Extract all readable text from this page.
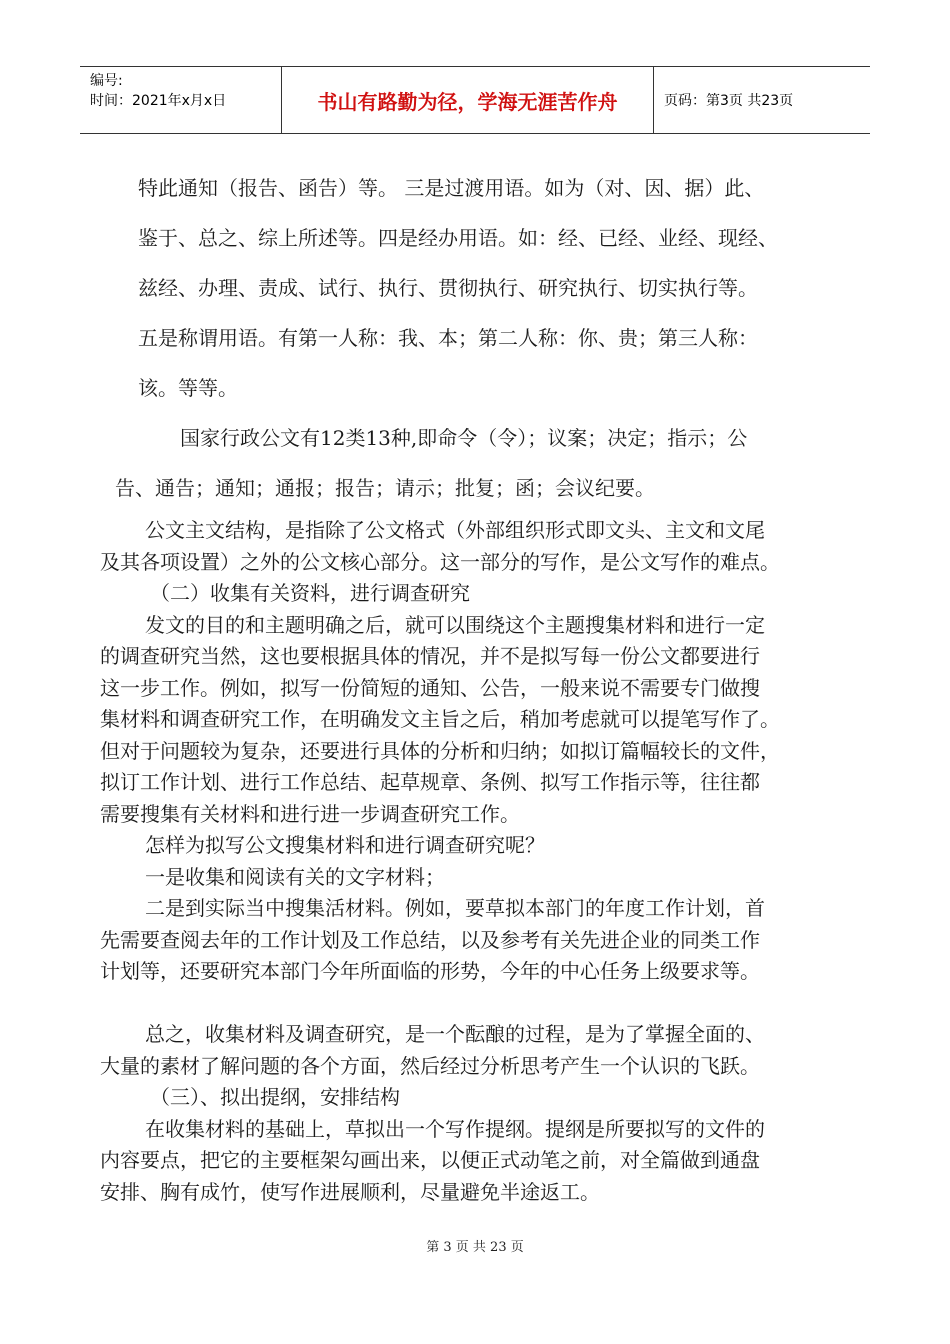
编号:
时间：2021年x月x日	书山有路勤为径，学海无涯苦作舟	页码：第3页 共23页
特此通知（报告、函告）等。 三是过渡用语。如为（对、因、据）此、
鉴于、总之、综上所述等。四是经办用语。如：经、已经、业经、现经、
兹经、办理、责成、试行、执行、贯彻执行、研究执行、切实执行等。
五是称谓用语。有第一人称：我、本；第二人称：你、贵；第三人称：
该。等等。
国家行政公文有12类13种,即命令（令）；议案；决定；指示；公
告、通告；通知；通报；报告；请示；批复；函；会议纪要。
公文主文结构，是指除了公文格式（外部组织形式即文头、主文和文尾
及其各项设置）之外的公文核心部分。这一部分的写作，是公文写作的难点。
（二）收集有关资料，进行调查研究
发文的目的和主题明确之后，就可以围绕这个主题搜集材料和进行一定
的调查研究当然，这也要根据具体的情况，并不是拟写每一份公文都要进行
这一步工作。例如，拟写一份简短的通知、公告，一般来说不需要专门做搜
集材料和调查研究工作，在明确发文主旨之后，稍加考虑就可以提笔写作了。
但对于问题较为复杂，还要进行具体的分析和归纳；如拟订篇幅较长的文件，
拟订工作计划、进行工作总结、起草规章、条例、拟写工作指示等，往往都
需要搜集有关材料和进行进一步调查研究工作。
怎样为拟写公文搜集材料和进行调查研究呢？
一是收集和阅读有关的文字材料；
二是到实际当中搜集活材料。例如，要草拟本部门的年度工作计划，首
先需要查阅去年的工作计划及工作总结，以及参考有关先进企业的同类工作
计划等，还要研究本部门今年所面临的形势，今年的中心任务上级要求等。
总之，收集材料及调查研究，是一个酝酿的过程，是为了掌握全面的、
大量的素材了解问题的各个方面，然后经过分析思考产生一个认识的飞跃。
（三）、拟出提纲，安排结构
在收集材料的基础上，草拟出一个写作提纲。提纲是所要拟写的文件的
内容要点，把它的主要框架勾画出来，以便正式动笔之前，对全篇做到通盘
安排、胸有成竹，使写作进展顺利，尽量避免半途返工。
第 3 页 共 23 页
